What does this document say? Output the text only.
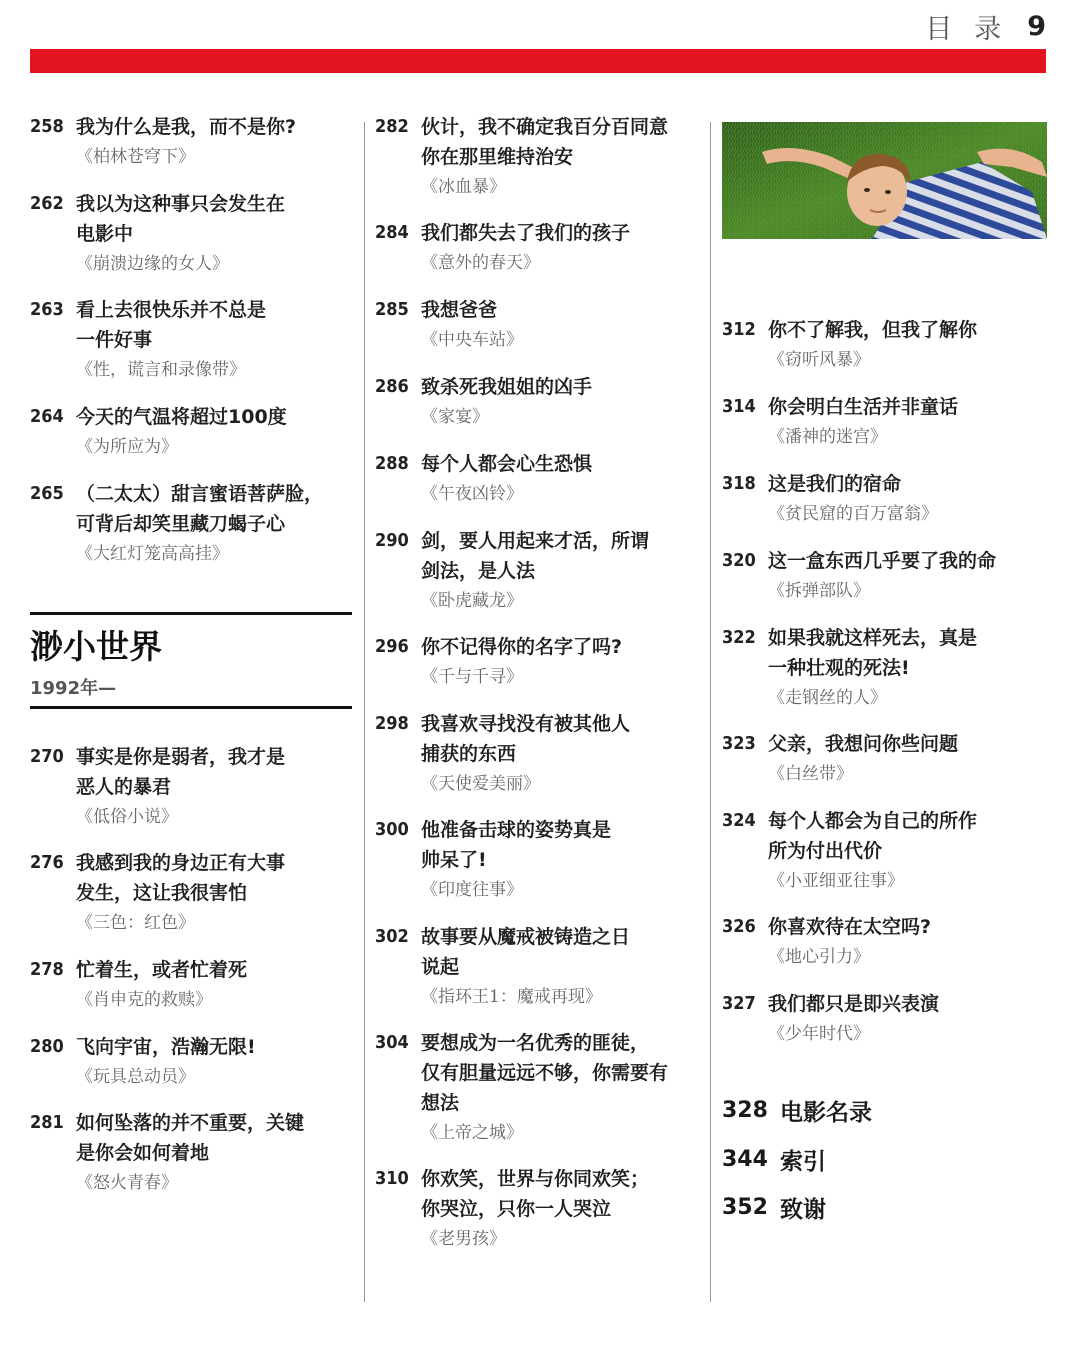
目录 9
258 我为什么是我，而不是你?
《柏林苍穹下》
262 我以为这种事只会发生在
电影中
《崩溃边缘的女人》
263 看上去很快乐并不总是
一件好事
《性，谎言和录像带》
264 今天的气温将超过100度
《为所应为》
265 （二太太）甜言蜜语菩萨脸，
可背后却笑里藏刀蝎子心
《大红灯笼高高挂》
渺小世界
1992年—
270 事实是你是弱者，我才是
恶人的暴君
《低俗小说》
276 我感到我的身边正有大事
发生，这让我很害怕
《三色：红色》
278 忙着生，或者忙着死
《肖申克的救赎》
280 飞向宇宙，浩瀚无限!
《玩具总动员》
281 如何坠落的并不重要，关键
是你会如何着地
《怒火青春》
282 伙计，我不确定我百分百同意
你在那里维持治安
《冰血暴》
284 我们都失去了我们的孩子
《意外的春天》
285 我想爸爸
《中央车站》
286 致杀死我姐姐的凶手
《家宴》
288 每个人都会心生恐惧
《午夜凶铃》
290 剑，要人用起来才活，所谓
剑法，是人法
《卧虎藏龙》
296 你不记得你的名字了吗?
《千与千寻》
298 我喜欢寻找没有被其他人
捕获的东西
《天使爱美丽》
300 他准备击球的姿势真是
帅呆了!
《印度往事》
302 故事要从魔戒被铸造之日
说起
《指环王1：魔戒再现》
304 要想成为一名优秀的匪徒，
仅有胆量远远不够，你需要有
想法
《上帝之城》
310 你欢笑，世界与你同欢笑；
你哭泣，只你一人哭泣
《老男孩》
312 你不了解我，但我了解你
《窃听风暴》
314 你会明白生活并非童话
《潘神的迷宫》
318 这是我们的宿命
《贫民窟的百万富翁》
320 这一盒东西几乎要了我的命
《拆弹部队》
322 如果我就这样死去，真是
一种壮观的死法!
《走钢丝的人》
323 父亲，我想问你些问题
《白丝带》
324 每个人都会为自己的所作
所为付出代价
《小亚细亚往事》
326 你喜欢待在太空吗?
《地心引力》
327 我们都只是即兴表演
《少年时代》
328 电影名录
344 索引
352 致谢
